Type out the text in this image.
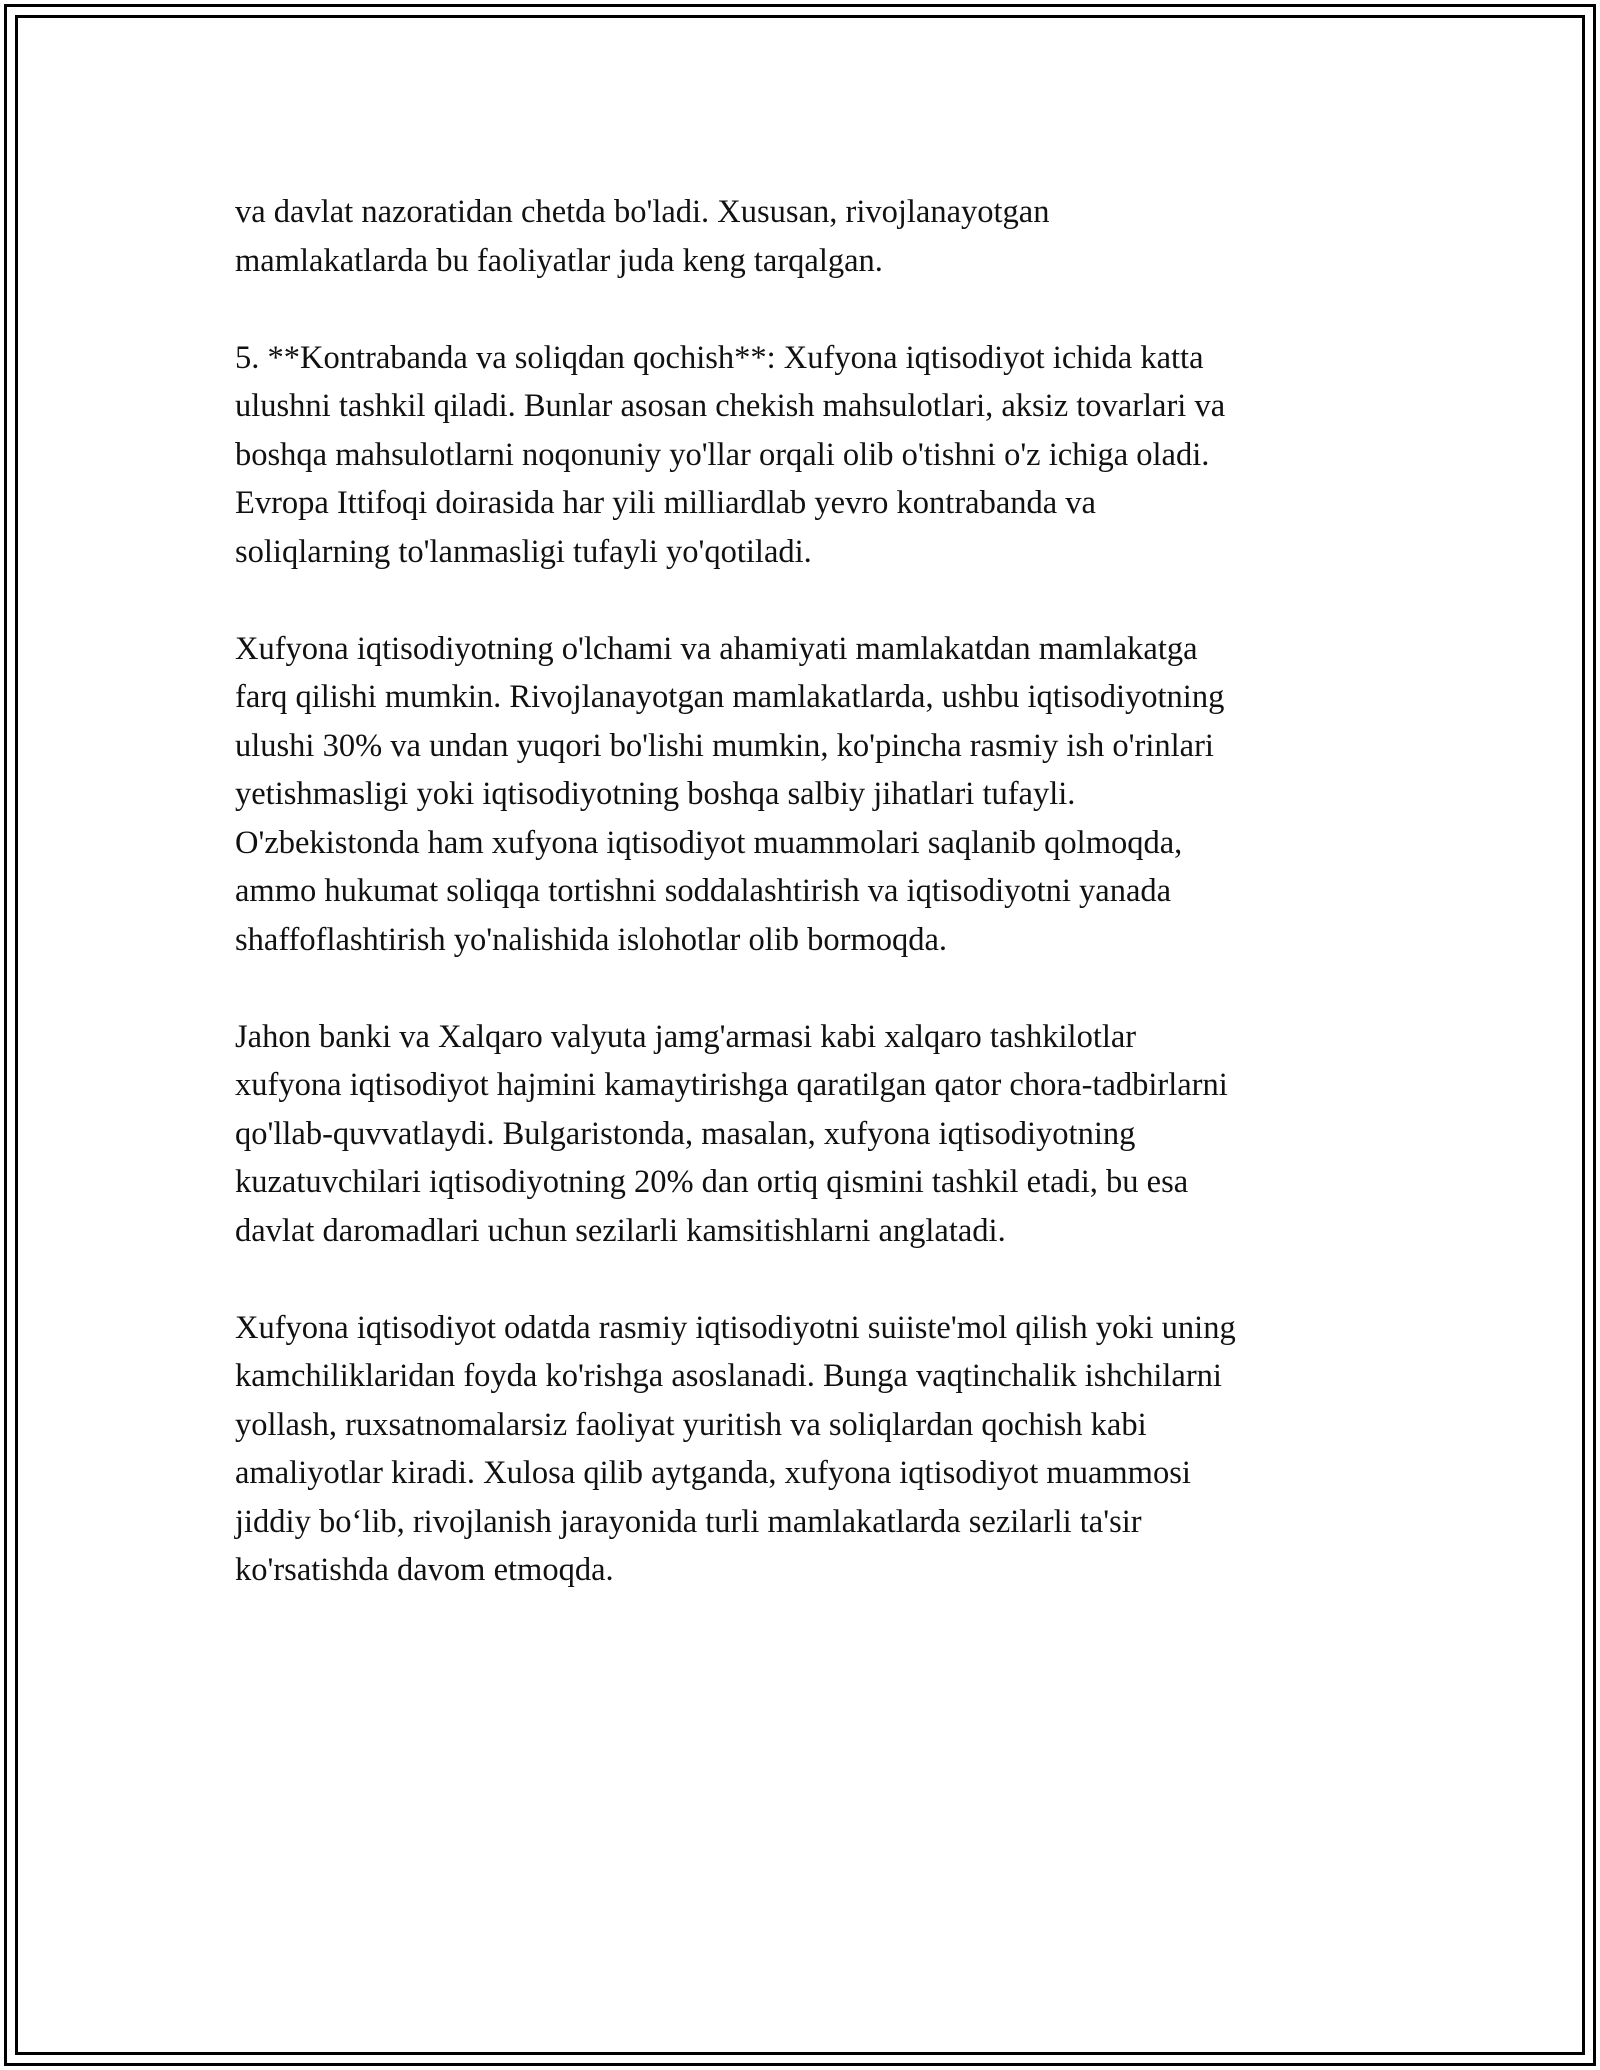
va davlat nazoratidan chetda bo'ladi. Xususan, rivojlanayotgan
mamlakatlarda bu faoliyatlar juda keng tarqalgan.

5. **Kontrabanda va soliqdan qochish**: Xufyona iqtisodiyot ichida katta
ulushni tashkil qiladi. Bunlar asosan chekish mahsulotlari, aksiz tovarlari va
boshqa mahsulotlarni noqonuniy yo'llar orqali olib o'tishni o'z ichiga oladi.
Evropa Ittifoqi doirasida har yili milliardlab yevro kontrabanda va
soliqlarning to'lanmasligi tufayli yo'qotiladi.

Xufyona iqtisodiyotning o'lchami va ahamiyati mamlakatdan mamlakatga
farq qilishi mumkin. Rivojlanayotgan mamlakatlarda, ushbu iqtisodiyotning
ulushi 30% va undan yuqori bo'lishi mumkin, ko'pincha rasmiy ish o'rinlari
yetishmasligi yoki iqtisodiyotning boshqa salbiy jihatlari tufayli.
O'zbekistonda ham xufyona iqtisodiyot muammolari saqlanib qolmoqda,
ammo hukumat soliqqa tortishni soddalashtirish va iqtisodiyotni yanada
shaffoflashtirish yo'nalishida islohotlar olib bormoqda.

Jahon banki va Xalqaro valyuta jamg'armasi kabi xalqaro tashkilotlar
xufyona iqtisodiyot hajmini kamaytirishga qaratilgan qator chora-tadbirlarni
qo'llab-quvvatlaydi. Bulgaristonda, masalan, xufyona iqtisodiyotning
kuzatuvchilari iqtisodiyotning 20% dan ortiq qismini tashkil etadi, bu esa
davlat daromadlari uchun sezilarli kamsitishlarni anglatadi.

Xufyona iqtisodiyot odatda rasmiy iqtisodiyotni suiiste'mol qilish yoki uning
kamchiliklaridan foyda ko'rishga asoslanadi. Bunga vaqtinchalik ishchilarni
yollash, ruxsatnomalarsiz faoliyat yuritish va soliqlardan qochish kabi
amaliyotlar kiradi. Xulosa qilib aytganda, xufyona iqtisodiyot muammosi
jiddiy bo‘lib, rivojlanish jarayonida turli mamlakatlarda sezilarli ta'sir
ko'rsatishda davom etmoqda.
